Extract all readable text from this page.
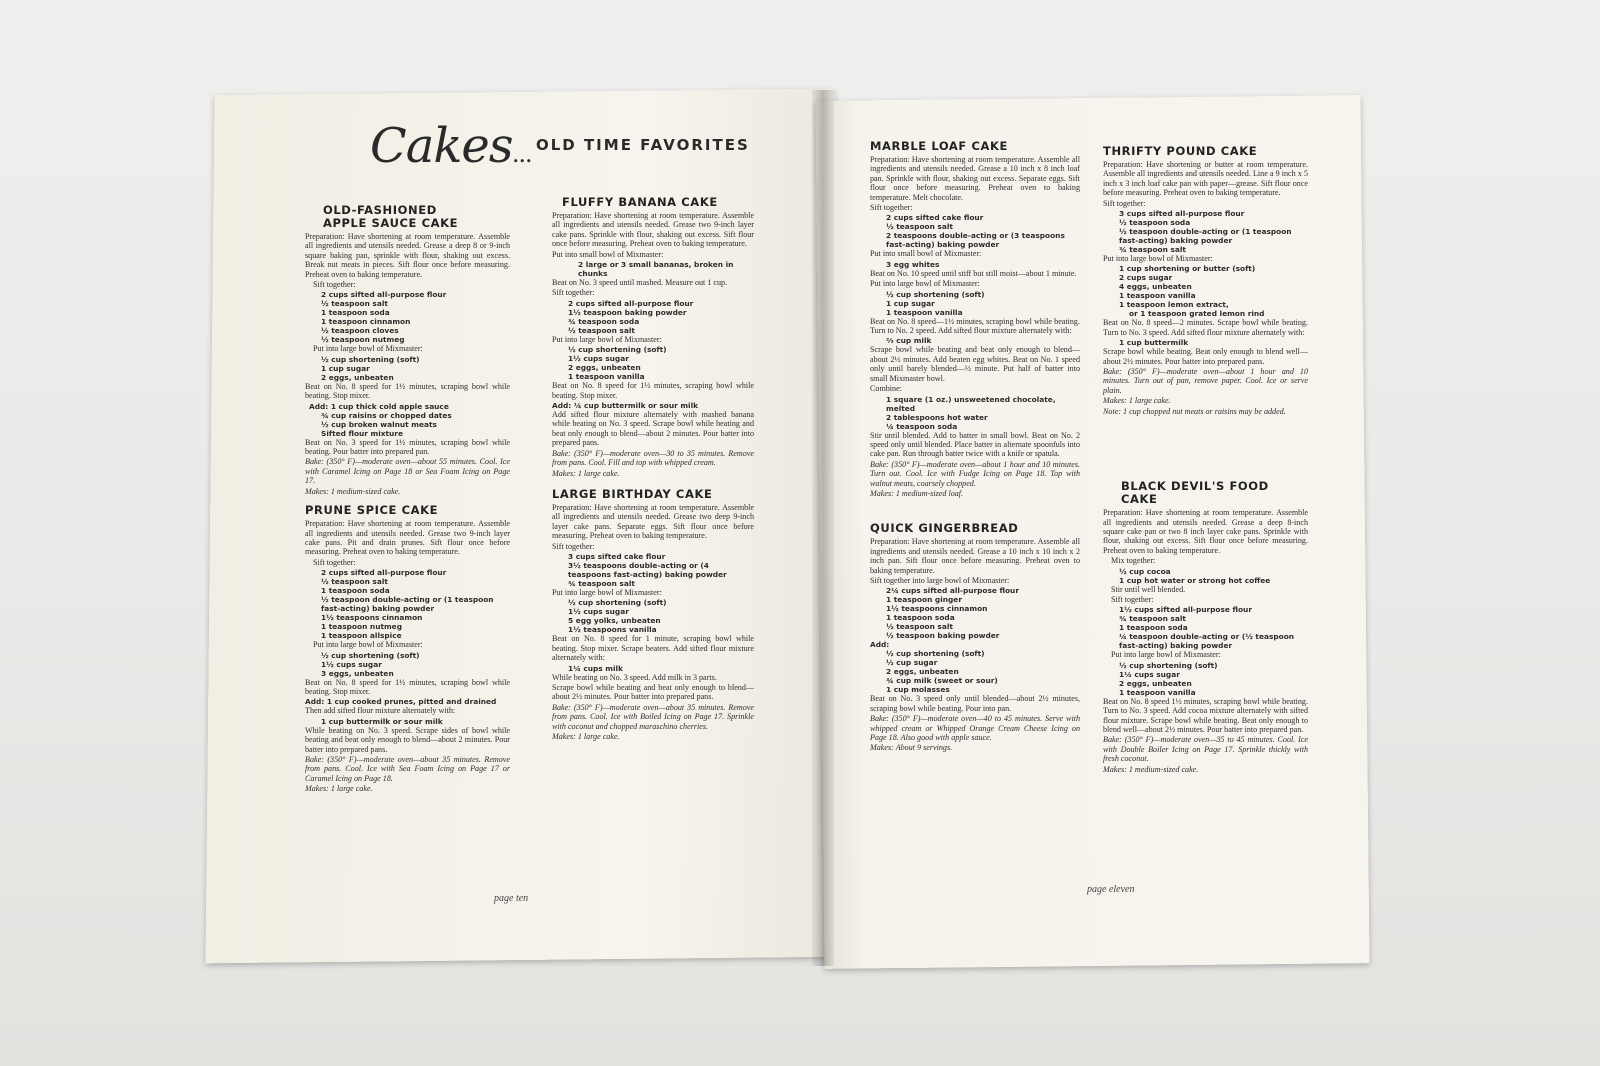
Cakes... OLD TIME FAVORITES
OLD-FASHIONED
APPLE SAUCE CAKE

Preparation: Have shortening at room temperature. Assemble all ingredients and utensils needed. Grease a deep 8 or 9-inch square baking pan, sprinkle with flour, shaking out excess. Break nut meats in pieces. Sift flour once before measuring. Preheat oven to baking temperature.

Sift together:

2 cups sifted all-purpose flour
½ teaspoon salt
1 teaspoon soda
1 teaspoon cinnamon
½ teaspoon cloves
½ teaspoon nutmeg

Put into large bowl of Mixmaster:

½ cup shortening (soft)
1 cup sugar
2 eggs, unbeaten

Beat on No. 8 speed for 1½ minutes, scraping bowl while beating. Stop mixer.

Add: 1 cup thick cold apple sauce
¾ cup raisins or chopped dates
½ cup broken walnut meats
Sifted flour mixture

Beat on No. 3 speed for 1½ minutes, scraping bowl while beating. Pour batter into prepared pan.

Bake: (350° F)—moderate oven—about 55 minutes. Cool. Ice with Caramel Icing on Page 18 or Sea Foam Icing on Page 17.

Makes: 1 medium-sized cake.

PRUNE SPICE CAKE

Preparation: Have shortening at room temperature. Assemble all ingredients and utensils needed. Grease two 9-inch layer cake pans. Pit and drain prunes. Sift flour once before measuring. Preheat oven to baking temperature.

Sift together:

2 cups sifted all-purpose flour
½ teaspoon salt
1 teaspoon soda
½ teaspoon double-acting or (1 teaspoon fast-acting) baking powder
1½ teaspoons cinnamon
1 teaspoon nutmeg
1 teaspoon allspice

Put into large bowl of Mixmaster:

½ cup shortening (soft)
1½ cups sugar
3 eggs, unbeaten

Beat on No. 8 speed for 1½ minutes, scraping bowl while beating. Stop mixer.

Add: 1 cup cooked prunes, pitted and drained

Then add sifted flour mixture alternately with:

1 cup buttermilk or sour milk

While beating on No. 3 speed. Scrape sides of bowl while beating and beat only enough to blend—about 2 minutes. Pour batter into prepared pans.

Bake: (350° F)—moderate oven—about 35 minutes. Remove from pans. Cool. Ice with Sea Foam Icing on Page 17 or Caramel Icing on Page 18.

Makes: 1 large cake.

FLUFFY BANANA CAKE

Preparation: Have shortening at room temperature. Assemble all ingredients and utensils needed. Grease two 9-inch layer cake pans. Sprinkle with flour, shaking out excess. Sift flour once before measuring. Preheat oven to baking temperature.

Put into small bowl of Mixmaster:

2 large or 3 small bananas, broken in chunks

Beat on No. 3 speed until mashed. Measure out 1 cup.

Sift together:

2 cups sifted all-purpose flour
1½ teaspoon baking powder
¾ teaspoon soda
½ teaspoon salt

Put into large bowl of Mixmaster:

½ cup shortening (soft)
1½ cups sugar
2 eggs, unbeaten
1 teaspoon vanilla

Beat on No. 8 speed for 1½ minutes, scraping bowl while beating. Stop mixer.

Add: ¼ cup buttermilk or sour milk

Add sifted flour mixture alternately with mashed banana while beating on No. 3 speed. Scrape bowl while beating and beat only enough to blend—about 2 minutes. Pour batter into prepared pans.

Bake: (350° F)—moderate oven—30 to 35 minutes. Remove from pans. Cool. Fill and top with whipped cream.

Makes: 1 large cake.

LARGE BIRTHDAY CAKE

Preparation: Have shortening at room temperature. Assemble all ingredients and utensils needed. Grease two deep 9-inch layer cake pans. Separate eggs. Sift flour once before measuring. Preheat oven to baking temperature.

Sift together:

3 cups sifted cake flour
3½ teaspoons double-acting or (4 teaspoons fast-acting) baking powder
¾ teaspoon salt

Put into large bowl of Mixmaster:

½ cup shortening (soft)
1½ cups sugar
5 egg yolks, unbeaten
1½ teaspoons vanilla

Beat on No. 8 speed for 1 minute, scraping bowl while beating. Stop mixer. Scrape beaters. Add sifted flour mixture alternately with:

1¼ cups milk

While beating on No. 3 speed. Add milk in 3 parts.

Scrape bowl while beating and beat only enough to blend—about 2½ minutes. Pour batter into prepared pans.

Bake: (350° F)—moderate oven—about 35 minutes. Remove from pans. Cool. Ice with Boiled Icing on Page 17. Sprinkle with coconut and chopped maraschino cherries.

Makes: 1 large cake.

MARBLE LOAF CAKE

Preparation: Have shortening at room temperature. Assemble all ingredients and utensils needed. Grease a 10 inch x 8 inch loaf pan. Sprinkle with flour, shaking out excess. Separate eggs. Sift flour once before measuring. Preheat oven to baking temperature. Melt chocolate.

Sift together:

2 cups sifted cake flour
½ teaspoon salt
2 teaspoons double-acting or (3 teaspoons fast-acting) baking powder

Put into small bowl of Mixmaster:

3 egg whites

Beat on No. 10 speed until stiff but still moist—about 1 minute.

Put into large bowl of Mixmaster:

½ cup shortening (soft)
1 cup sugar
1 teaspoon vanilla

Beat on No. 8 speed—1½ minutes, scraping bowl while beating. Turn to No. 2 speed. Add sifted flour mixture alternately with:

⅔ cup milk

Scrape bowl while beating and beat only enough to blend—about 2½ minutes. Add beaten egg whites. Beat on No. 1 speed only until barely blended—½ minute. Put half of batter into small Mixmaster bowl.

Combine:

1 square (1 oz.) unsweetened chocolate, melted
2 tablespoons hot water
¼ teaspoon soda

Stir until blended. Add to batter in small bowl. Beat on No. 2 speed only until blended. Place batter in alternate spoonfuls into cake pan. Run through batter twice with a knife or spatula.

Bake: (350° F)—moderate oven—about 1 hour and 10 minutes. Turn out. Cool. Ice with Fudge Icing on Page 18. Top with walnut meats, coarsely chopped.

Makes: 1 medium-sized loaf.

QUICK GINGERBREAD

Preparation: Have shortening at room temperature. Assemble all ingredients and utensils needed. Grease a 10 inch x 10 inch x 2 inch pan. Sift flour once before measuring. Preheat oven to baking temperature.

Sift together into large bowl of Mixmaster:

2¼ cups sifted all-purpose flour
1 teaspoon ginger
1½ teaspoons cinnamon
1 teaspoon soda
½ teaspoon salt
½ teaspoon baking powder
Add:
½ cup shortening (soft)
½ cup sugar
2 eggs, unbeaten
¾ cup milk (sweet or sour)
1 cup molasses

Beat on No. 3 speed only until blended—about 2½ minutes, scraping bowl while beating. Pour into pan.

Bake: (350° F)—moderate oven—40 to 45 minutes. Serve with whipped cream or Whipped Orange Cream Cheese Icing on Page 18. Also good with apple sauce.

Makes: About 9 servings.

THRIFTY POUND CAKE

Preparation: Have shortening or butter at room temperature. Assemble all ingredients and utensils needed. Line a 9 inch x 5 inch x 3 inch loaf cake pan with paper—grease. Sift flour once before measuring. Preheat oven to baking temperature.

Sift together:

3 cups sifted all-purpose flour
½ teaspoon soda
½ teaspoon double-acting or (1 teaspoon fast-acting) baking powder
¾ teaspoon salt

Put into large bowl of Mixmaster:

1 cup shortening or butter (soft)
2 cups sugar
4 eggs, unbeaten
1 teaspoon vanilla
1 teaspoon lemon extract,
or 1 teaspoon grated lemon rind

Beat on No. 8 speed—2 minutes. Scrape bowl while beating. Turn to No. 3 speed. Add sifted flour mixture alternately with:

1 cup buttermilk

Scrape bowl while beating. Beat only enough to blend well—about 2½ minutes. Pour batter into prepared pans.

Bake: (350° F)—moderate oven—about 1 hour and 10 minutes. Turn out of pan, remove paper. Cool. Ice or serve plain.

Makes: 1 large cake.

Note: 1 cup chopped nut meats or raisins may be added.

BLACK DEVIL'S FOOD CAKE

Preparation: Have shortening at room temperature. Assemble all ingredients and utensils needed. Grease a deep 8-inch square cake pan or two 8 inch layer cake pans. Sprinkle with flour, shaking out excess. Sift flour once before measuring. Preheat oven to baking temperature.

Mix together:

½ cup cocoa
1 cup hot water or strong hot coffee

Stir until well blended.

Sift together:

1½ cups sifted all-purpose flour
¾ teaspoon salt
1 teaspoon soda
¼ teaspoon double-acting or (½ teaspoon fast-acting) baking powder

Put into large bowl of Mixmaster:

½ cup shortening (soft)
1¼ cups sugar
2 eggs, unbeaten
1 teaspoon vanilla

Beat on No. 8 speed 1½ minutes, scraping bowl while beating. Turn to No. 3 speed. Add cocoa mixture alternately with sifted flour mixture. Scrape bowl while beating. Beat only enough to blend well—about 2½ minutes. Pour batter into prepared pan.

Bake: (350° F)—moderate oven—35 to 45 minutes. Cool. Ice with Double Boiler Icing on Page 17. Sprinkle thickly with fresh coconut.

Makes: 1 medium-sized cake.

page ten
page eleven
